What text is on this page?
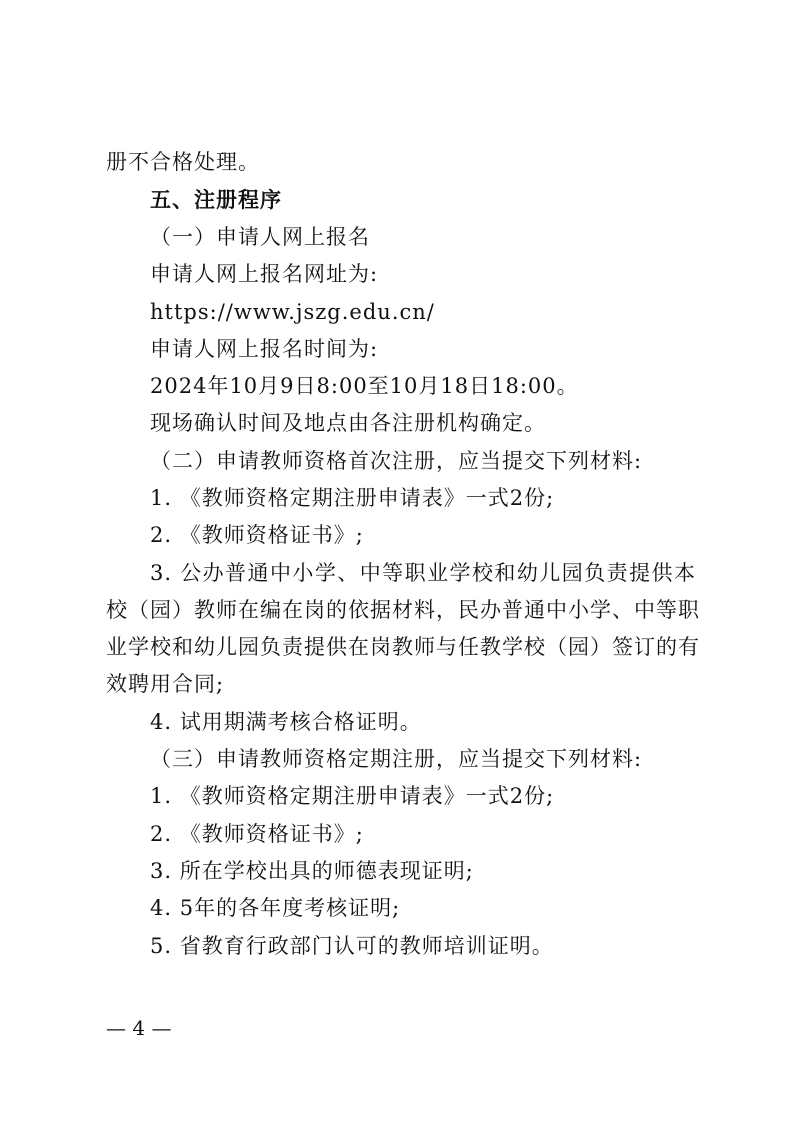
册不合格处理。
五、注册程序
（一）申请人网上报名
申请人网上报名网址为:
https://www.jszg.edu.cn/
申请人网上报名时间为:
2024年10月9日8:00至10月18日18:00。
现场确认时间及地点由各注册机构确定。
（二）申请教师资格首次注册，应当提交下列材料:
1. 《教师资格定期注册申请表》一式2份;
2. 《教师资格证书》;
3. 公办普通中小学、中等职业学校和幼儿园负责提供本
校（园）教师在编在岗的依据材料，民办普通中小学、中等职
业学校和幼儿园负责提供在岗教师与任教学校（园）签订的有
效聘用合同;
4. 试用期满考核合格证明。
（三）申请教师资格定期注册，应当提交下列材料:
1. 《教师资格定期注册申请表》一式2份;
2. 《教师资格证书》;
3. 所在学校出具的师德表现证明;
4. 5年的各年度考核证明;
5. 省教育行政部门认可的教师培训证明。
— 4 —
